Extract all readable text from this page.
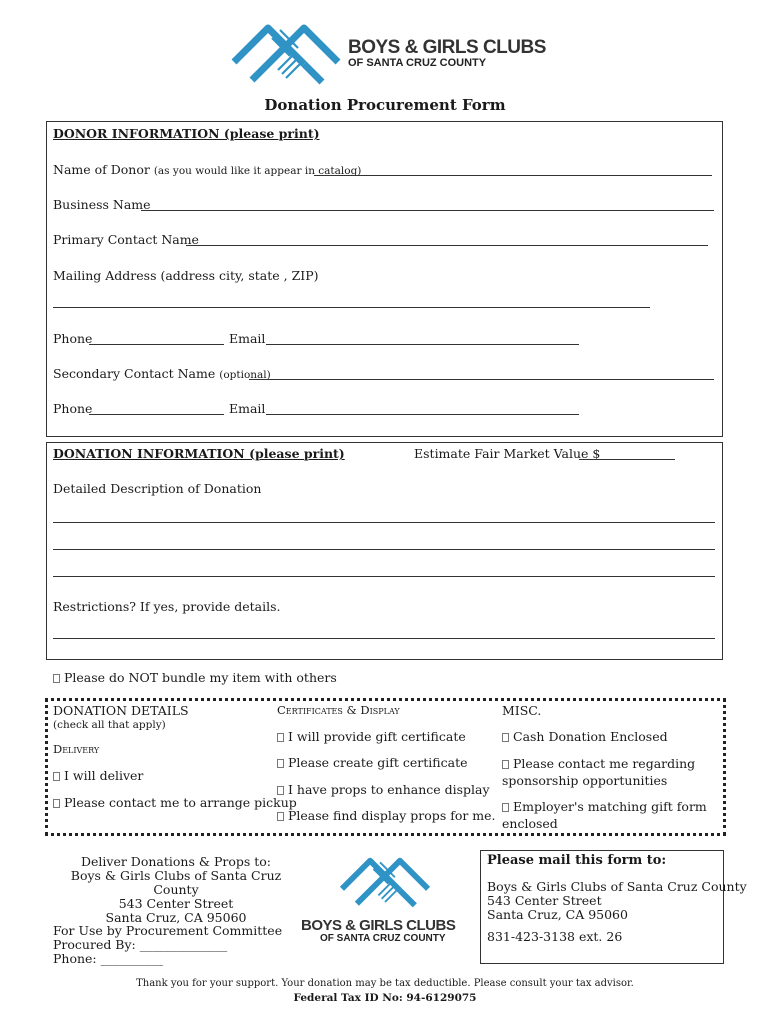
BOYS & GIRLS CLUBS
OF SANTA CRUZ COUNTY
Donation Procurement Form
DONOR INFORMATION (please print)
Name of Donor (as you would like it appear in catalog)
Business Name
Primary Contact Name
Mailing Address (address city, state , ZIP)
Phone	Email
Secondary Contact Name (optional)
Phone	Email
DONATION INFORMATION (please print)	Estimate Fair Market Value $
Detailed Description of Donation
Restrictions? If yes, provide details.
Please do NOT bundle my item with others
DONATION DETAILS
(check all that apply)
Delivery
I will deliver
Please contact me to arrange pickup
Certificates & Display
I will provide gift certificate
Please create gift certificate
I have props to enhance display
Please find display props for me.
MISC.
Cash Donation Enclosed
Please contact me regarding
sponsorship opportunities
Employer's matching gift form
enclosed
Deliver Donations & Props to:
Boys & Girls Clubs of Santa Cruz County
543 Center Street
Santa Cruz, CA 95060
For Use by Procurement Committee
Procured By: ______________
Phone: __________
BOYS & GIRLS CLUBS
OF SANTA CRUZ COUNTY
Please mail this form to:
Boys & Girls Clubs of Santa Cruz County
543 Center Street
Santa Cruz, CA 95060
831-423-3138 ext. 26
Thank you for your support. Your donation may be tax deductible. Please consult your tax advisor.
Federal Tax ID No: 94-6129075
